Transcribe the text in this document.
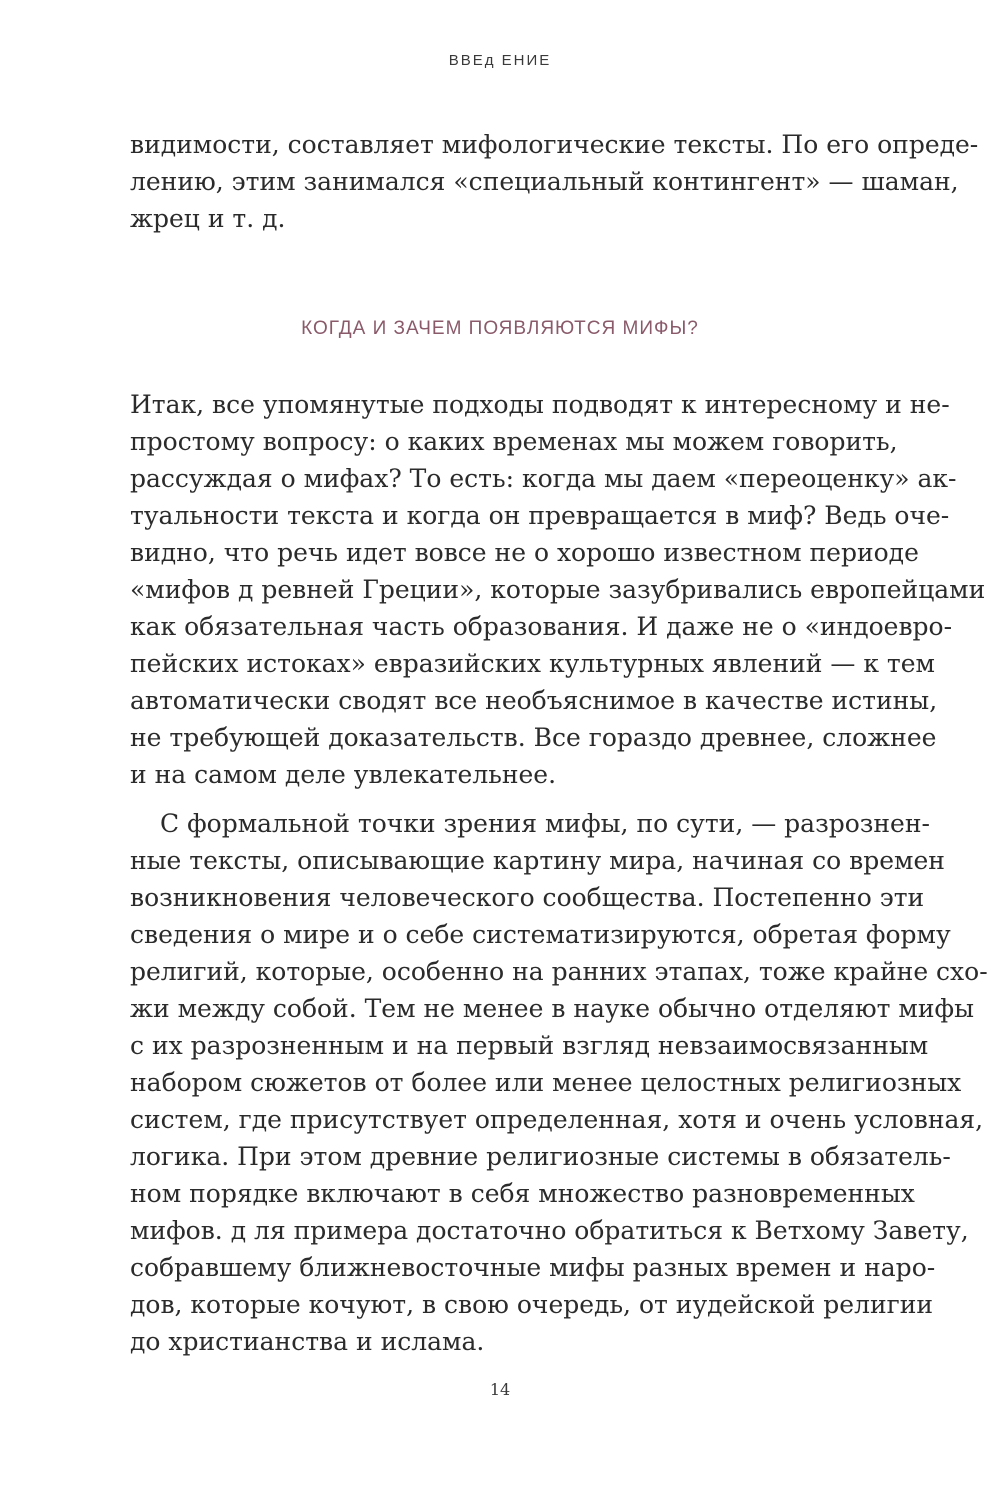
ВВЕд ЕНИЕ
видимости, составляет мифологические тексты. По его опреде-
лению, этим занимался «специальный контингент» — шаман,
жрец и т. д.
КОГДА И ЗАЧЕМ ПОЯВЛЯЮТСЯ МИФЫ?
Итак, все упомянутые подходы подводят к интересному и не-
простому вопросу: о каких временах мы можем говорить,
рассуждая о мифах? То есть: когда мы даем «переоценку» ак-
туальности текста и когда он превращается в миф? Ведь оче-
видно, что речь идет вовсе не о хорошо известном периоде
«мифов д ревней Греции», которые зазубривались европейцами
как обязательная часть образования. И даже не о «индоевро-
пейских истоках» евразийских культурных явлений — к тем
автоматически сводят все необъяснимое в качестве истины,
не требующей доказательств. Все гораздо древнее, сложнее
и на самом деле увлекательнее.
С формальной точки зрения мифы, по сути, — разрознен-
ные тексты, описывающие картину мира, начиная со времен
возникновения человеческого сообщества. Постепенно эти
сведения о мире и о себе систематизируются, обретая форму
религий, которые, особенно на ранних этапах, тоже крайне схо-
жи между собой. Тем не менее в науке обычно отделяют мифы
с их разрозненным и на первый взгляд невзаимосвязанным
набором сюжетов от более или менее целостных религиозных
систем, где присутствует определенная, хотя и очень условная,
логика. При этом древние религиозные системы в обязатель-
ном порядке включают в себя множество разновременных
мифов. д ля примера достаточно обратиться к Ветхому Завету,
собравшему ближневосточные мифы разных времен и наро-
дов, которые кочуют, в свою очередь, от иудейской религии
до христианства и ислама.
14
